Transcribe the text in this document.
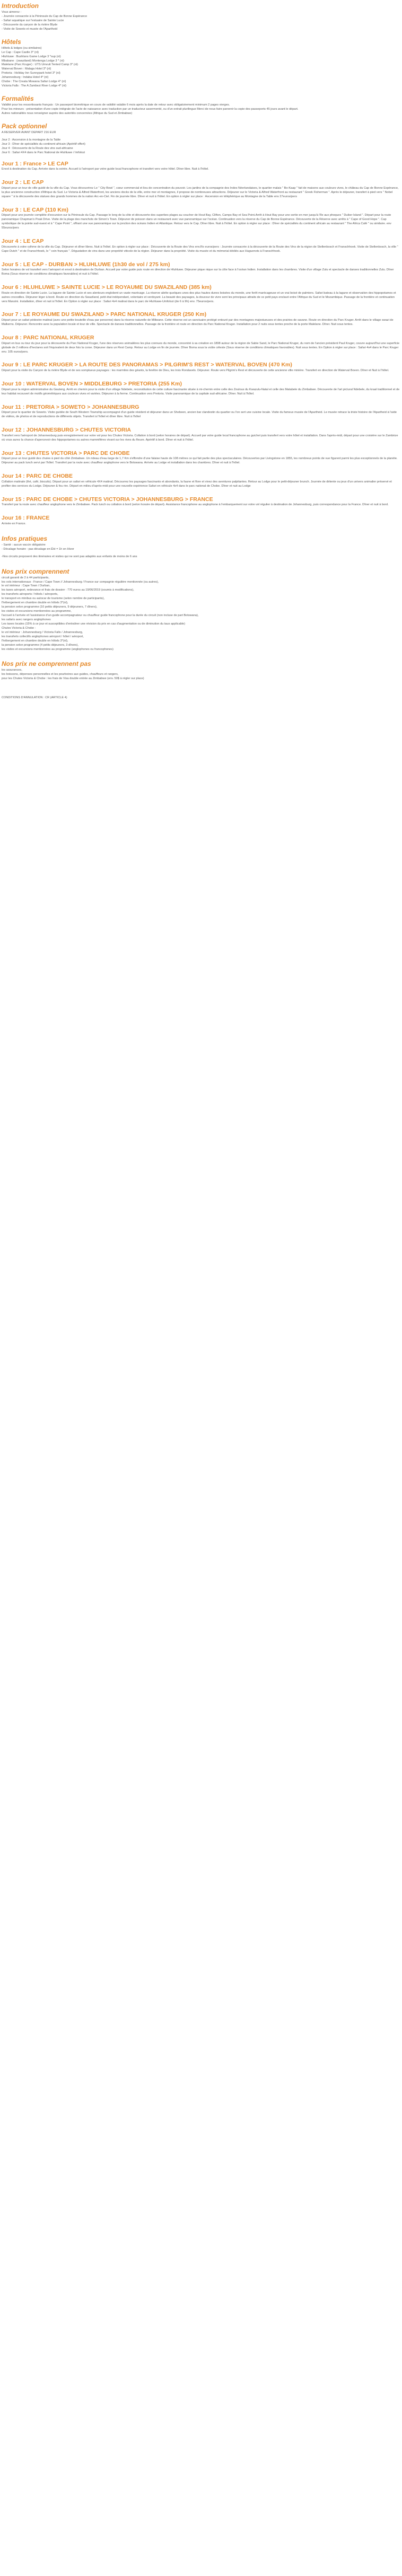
Introduction

Vous aimerez :

- Journée consacrée à la Péninsule du Cap de Bonne Espérance

- Safari aquatique sur l'estuaire de Sainte Lucie

- Découverte du canyon de la rivière Blyde

- Visite de Soweto et musée de l'Apartheid

Hôtels

Hôtels & lodges (ou similaires)

Le Cap : Cape Castle 3* (nl)

Hluhluwe : Bushlans Game Lodge 3 *sup (nl)

Mbabane : (swaziland) Montenga Lodge 3 * (nl)

Malelane (Parc Kruger) : UTS Umvuti Tented Camp 3* (nl)

Waterval Boven : Malaga Hotel 3* (nl)

Pretoria : Holiday Inn Sunnypark hotel 3* (nl)

Johannesburg : Indaba Hotel 4* (nl)

Chobe : The Creata Mowana Safari Lodge 4* (nl)

Victoria Falls : The A Zambezi River Lodge 4* (nl)

Formalités

Validité pour les ressortissants français : Un passeport biométrique en cours de validité valable 6 mois après la date de retour avec obligatoirement minimum 2 pages vierges.

Pour les mineurs : présentation d'une copie intégrale de l'acte de naissance avec traduction par un traducteur assermenté, ou d'un extrait plurilingue Merci de nous faire parvenir la copie des passeports 45 jours avant le départ.

Autres nationalités nous renseigner auprès des autorités concernées (Afrique du Sud et Zimbabwe)

Pack optionnel

A RESERVER AVANT DEPART 216 EUR

Jour 2 : Ascension à la montagne de la Table

Jour 3 : Dîner de spécialités du continent africain (Apéritif offert)

Jour 4 : Découverte de la Route des vins sud-africaine

Jour 6 : Safari 4X4 dans le Parc National de Hluhluwe / Imfolozi

Jour 1 : France > LE CAP

Envol à destination du Cap. Arrivée dans la soirée. Accueil à l'aéroport par votre guide local francophone et transfert vers votre hôtel. Dîner libre. Nuit à l'hôtel.

Jour 2 : LE CAP

Départ pour un tour de ville guidé de la ville du Cap. Vous découvrirez Le " City Bowl ", cœur commercial et lieu de concentration du pouvoir. Les jardins de la compagnie des Indes Néerlandaises, le quartier malais " Bo-Kaap " fait de maisons aux couleurs vives, le château du Cap de Bonne Espérance, la plus ancienne construction d'Afrique du Sud. Le Victoria & Alfred Waterfront, les anciens docks de la ville, entre mer et montagnes, il propose de nombreuses attractions. Déjeuner sur le Victoria & Alfred Waterfront au restaurant " Greek Fisherman ". Après le déjeuner, transfert à pied vers " Nobel square " à la découverte des statues des grands hommes de la nation Arc-en-Ciel. Fin de journée libre. Dîner et nuit à l'hôtel. En option à régler sur place : Ascension en téléphérique au Montagne de la Table env 27euros/pers

Jour 3 : LE CAP (110 Km)

Départ pour une journée complète d'excursion sur la Péninsule du Cap. Passage le long de la côte et découverte des superbes plages au coucher de Hout Bay, Clifton, Camps Bay et Sea Point.Arrêt à Hout Bay pour une sortie en mer jusqu'à l'île aux phoques " Duiker Island ". Départ pour la route panoramique Chapman's Peak Drive. Visite de la plage des manchots de Simon's Town. Déjeuner de poisson dans un restaurant avec vue panoramique sur l'océan. Continuation vers la réserve du Cap de Bonne Espérance. Découverte de la Réserve avec arrêts à " Cape of Good Hope ". Cap symbolique de la pointe sud-ouest et à " Cape Point ", offrant une vue panoramique sur la jonction des océans Indien et Atlantique. Retour vers le Cap. Dîner libre. Nuit à l'hôtel. En option à régler sur place : Dîner de spécialités du continent africain au restaurant " The Africa Café " ou similaire. env 55euros/pers

Jour 4 : LE CAP

Découverte à votre rythme de la ville du Cap. Déjeuner et dîner libres. Nuit à l'hôtel. En option à régler sur place : Découverte de la Route des Vins env.Ro euros/pers : Journée consacrée à la découverte de la Route des Vins de la région de Stellenbosch et Franschhoek. Visite de Stellenbosch, la ville " Cape Dutch " et de Franschhoek, le " coin français ". Dégustation de vins dans une propriété viticole de la région. Déjeuner dans la propriété. Visite du musée et du mémorial dédiés aux Huguenots à Franschhoek.

Jour 5 : LE CAP - DURBAN > HLUHLUWE (1h30 de vol / 275 km)

Selon horaires de vol transfert vers l'aéroport et envol à destination de Durban. Accueil par votre guide puis route en direction de Hluhluwe. Déjeuner pique nique sur la côte face à l'océan Indien. Installation dans les chambres. Visite d'un village Zulu et spectacle de danses traditionnelles Zulu. Dîner Boma (Sous réserve de conditions climatiques favorables) et nuit à l'hôtel.

Jour 6 : HLUHLUWE > SAINTE LUCIE > LE ROYAUME DU SWAZILAND (385 km)

Route en direction de Sainte Lucie. La lagune de Sainte Lucie et ses alentours englobent un vaste marécage. La réserve abrite quelques unes des plus hautes dunes boisées du monde, une forêt marécageuse et un vrai boisé de palmiers. Safari bateau à la lagune et observation des hippopotames et autres crocodiles. Déjeuner léger à bord. Route en direction du Swaziland, petit état indépendant, volontaire et verdoyant. La beauté des paysages, la douceur de vivre sont les principaux attraits de ce petit pays enclavé entre l'Afrique du Sud et le Mozambique. Passage de la frontière et continuation vers Manzini. Installation, dîner et nuit à l'hôtel. En Option à régler sur place : Safari 4x4 matinal dans le parc de Hluhluwe-Umfolozi (de 6 à 9h) env. 75euros/pers.

Jour 7 : LE ROYAUME DU SWAZILAND > PARC NATIONAL KRUGER (250 Km)

Départ pour un safari pédestre matinal (avec une petite bouteille d'eau par personne) dans la réserve naturelle de Mlilwane. Cette réserve est un sanctuaire protégé entouré par des montagnes majestueuses et des prairies de savane. Route en direction du Parc Kruger. Arrêt dans le village swazi de Malkerns. Déjeuner. Rencontre avec la population locale et tour de ville. Spectacle de danses traditionnelles. Passage de la frontière et route en direction du Parc National Kruger. Installation pour 2 nuits sous tentes proche de la porte Malelane. Dîner. Nuit sous tentes.

Jour 8 : PARC NATIONAL KRUGER

Départ en bus ou tour du jour pour la découverte du Parc National Kruger, l'une des réserves animalières les plus connues du monde, concentré à sa création en 1898 autour de la région de Sabie Sand, le Parc National Kruger, du nom de l'ancien président Paul Kruger, couvre aujourd'hui une superficie globale de 2 millions d'hectares soit l'équivalent de deux fois la corse. Déjeuner dans un Rest Camp. Retour au Lodge en fin de journée. Dîner Boma sous la voûte céleste (Sous réserve de conditions climatiques favorables). Nuit sous tentes. En Option à régler sur place : Safari 4x4 dans le Parc Kruger env. 105 euros/pers.

Jour 9 : LE PARC KRUGER > LA ROUTE DES PANORAMAS > PILGRIM'S REST > WATERVAL BOVEN (470 Km)

Départ pour la visite du Canyon de la rivière Blyde et de ses somptueux paysages : les marmites des géants, la fenêtre de Dieu, les trois Rondavels. Déjeuner. Route vers Pilgrim's Rest et découverte de cette ancienne ville minière. Transfert en direction de Waterval Boven. Dîner et Nuit à l'hôtel.

Jour 10 : WATERVAL BOVEN > MIDDLEBURG > PRETORIA (255 Km)

Départ pour la région administrative du Gauteng. Arrêt en chemin pour la visite d'un village Ndebele, reconstitution de cette culture fascinante située à mi-chemin entre celle des Zoulous du Kwazulu-Natal et celle des Matabele du Zimbabwe. Découverte de l'art pictural Ndebele, du kraal traditionnel et de leur habitat recouvert de motifs géométriques aux couleurs vives et variées. Déjeuner à la ferme. Continuation vers Pretoria. Visite panoramique de la capitale sud-africaine. Dîner. Nuit à l'hôtel.

Jour 11 : PRETORIA > SOWETO > JOHANNESBURG

Départ pour le quartier de Soweto. Visite guidée de South Western Township accompagné d'un guide résident et déjeuner dans un Shebeen, ancien bar clandestin du quartier ou l'on sert une cuisine locale. Visite du fameux musée de l'Apartheid. Le musée retrace la triste histoire de l'Apartheid à l'aide de vidéos, de photos et de reproductions de différents objets. Transfert à l'hôtel et dîner libre. Nuit à l'hôtel

Jour 12 : JOHANNESBURG > CHUTES VICTORIA

Transfert vers l'aéroport de Johannesburg puis enregistrement sur votre vol pour les Chutes Victoria. Collation à bord (selon horaires de départ). Accueil par votre guide local francophone au guichet puis transfert vers votre hôtel et installation. Dans l'après-midi, départ pour une croisière sur le Zambèze où vous aurez la chance d'apercevoir des hippopotames ou autres mammifères vivant sur les rives du fleuve. Apéritif à bord. Dîner et nuit à l'hôtel.

Jour 13 : CHUTES VICTORIA > PARC DE CHOBE

Départ pour un tour guidé des chutes à pied du côté Zimbabwe. Un rideau d'eau large de 1,7 Km s'effondre d'une falaise haute de 108 mètres ce qui fait partie des plus spectaculaires. Découvertes par Livingstone en 1855, les nombreux points de vue figurent parmi les plus exceptionnels de la planète. Déjeuner au pack lunch servi par l'hôtel. Transfert par la route avec chauffeur anglophone vers le Botswana. Arrivée au Lodge et installation dans les chambres. Dîner et nuit à l'hôtel.

Jour 14 : PARC DE CHOBE

Collation matinale (thé, café, biscuits). Départ pour un safari en véhicule 4X4 matinal. Découvrez les paysages fascinants et abondants, la faune et flore et vivez des aventures palpitantes. Retour au Lodge pour le petit-déjeuner brunch. Journée de détente ou jeux d'un univers animalier préservé et profiter des services du Lodge. Déjeuner & fou rire. Départ en milieu d'après-midi pour une nouvelle expérience Safari en véhicule 4x4 dans le parc national de Chobe. Dîner et nuit au Lodge

Jour 15 : PARC DE CHOBE > CHUTES VICTORIA > JOHANNESBURG > FRANCE

Transfert par la route avec chauffeur anglophone vers le Zimbabwe. Pack lunch ou collation à bord (selon horaire de départ). Assistance francophone au anglophone à l'embarquement sur votre vol régulier à destination de Johannesburg, puis correspondance pour la France. Dîner et nuit à bord.

Jour 16 : FRANCE

Arrivée en France.

Infos pratiques

- Santé : aucun vaccin obligatoire

- Décalage horaire : pas décalage en Été = 1h en Hiver

-Nos circuits proposent des itinéraires et visites qui ne sont pas adaptés aux enfants de moins de 6 ans

Nos prix comprennent

circuit garanti de 2 à 44 participants,

les vols internationaux : France / Cape Town // Johannesburg / France sur compagnie régulière mentionnée (ou autres),

le vol intérieur : Cape Town / Durban,

les taxes aéroport, redevance et frais de dossier : 770 euros au 19/06/2019 (soumis à modifications),

les transferts aéroports / hôtels / aéroports,

le transport en minibus ou autocar de tourisme (selon nombre de participants),

l'hébergement en chambre double en hôtels 3*(nl),

la pension selon programme (10 petits déjeuners, 9 déjeuners, 7 dîners),

les visites et excursions mentionnées au programme,

l'accueil à l'arrivée et l'assistance d'un guide accompagnateur ou chauffeur guide francophone pour la durée du circuit (non incluse de part Botswana),

les safaris avec rangers anglophones

Les taxes locales (15% à ce jour et susceptibles d'entraîner une révision du prix en cas d'augmentation ou de diminution du taux applicable)

Chutes Victoria & Chobe :

le vol intérieur : Johannesburg / Victoria Falls / Johannesburg,

les transferts collectifs anglophones aéroport / hôtel / aéroport,

l'hébergement en chambre double en hôtels 3*(nl),

la pension selon programme (4 petits déjeuners, 3 dîners),

les visites et excursions mentionnées au programme (anglophones ou francophones)

Nos prix ne comprennent pas

les assurances,

les boissons, dépenses personnelles et les pourboires aux guides, chauffeurs et rangers,

pour les Chutes Victoria & Chobe : les frais de Visa double entrée au Zimbabwe (env. 50$ à régler sur place)

CONDITIONS D'ANNULATION : CR (ARTICLE 4)
